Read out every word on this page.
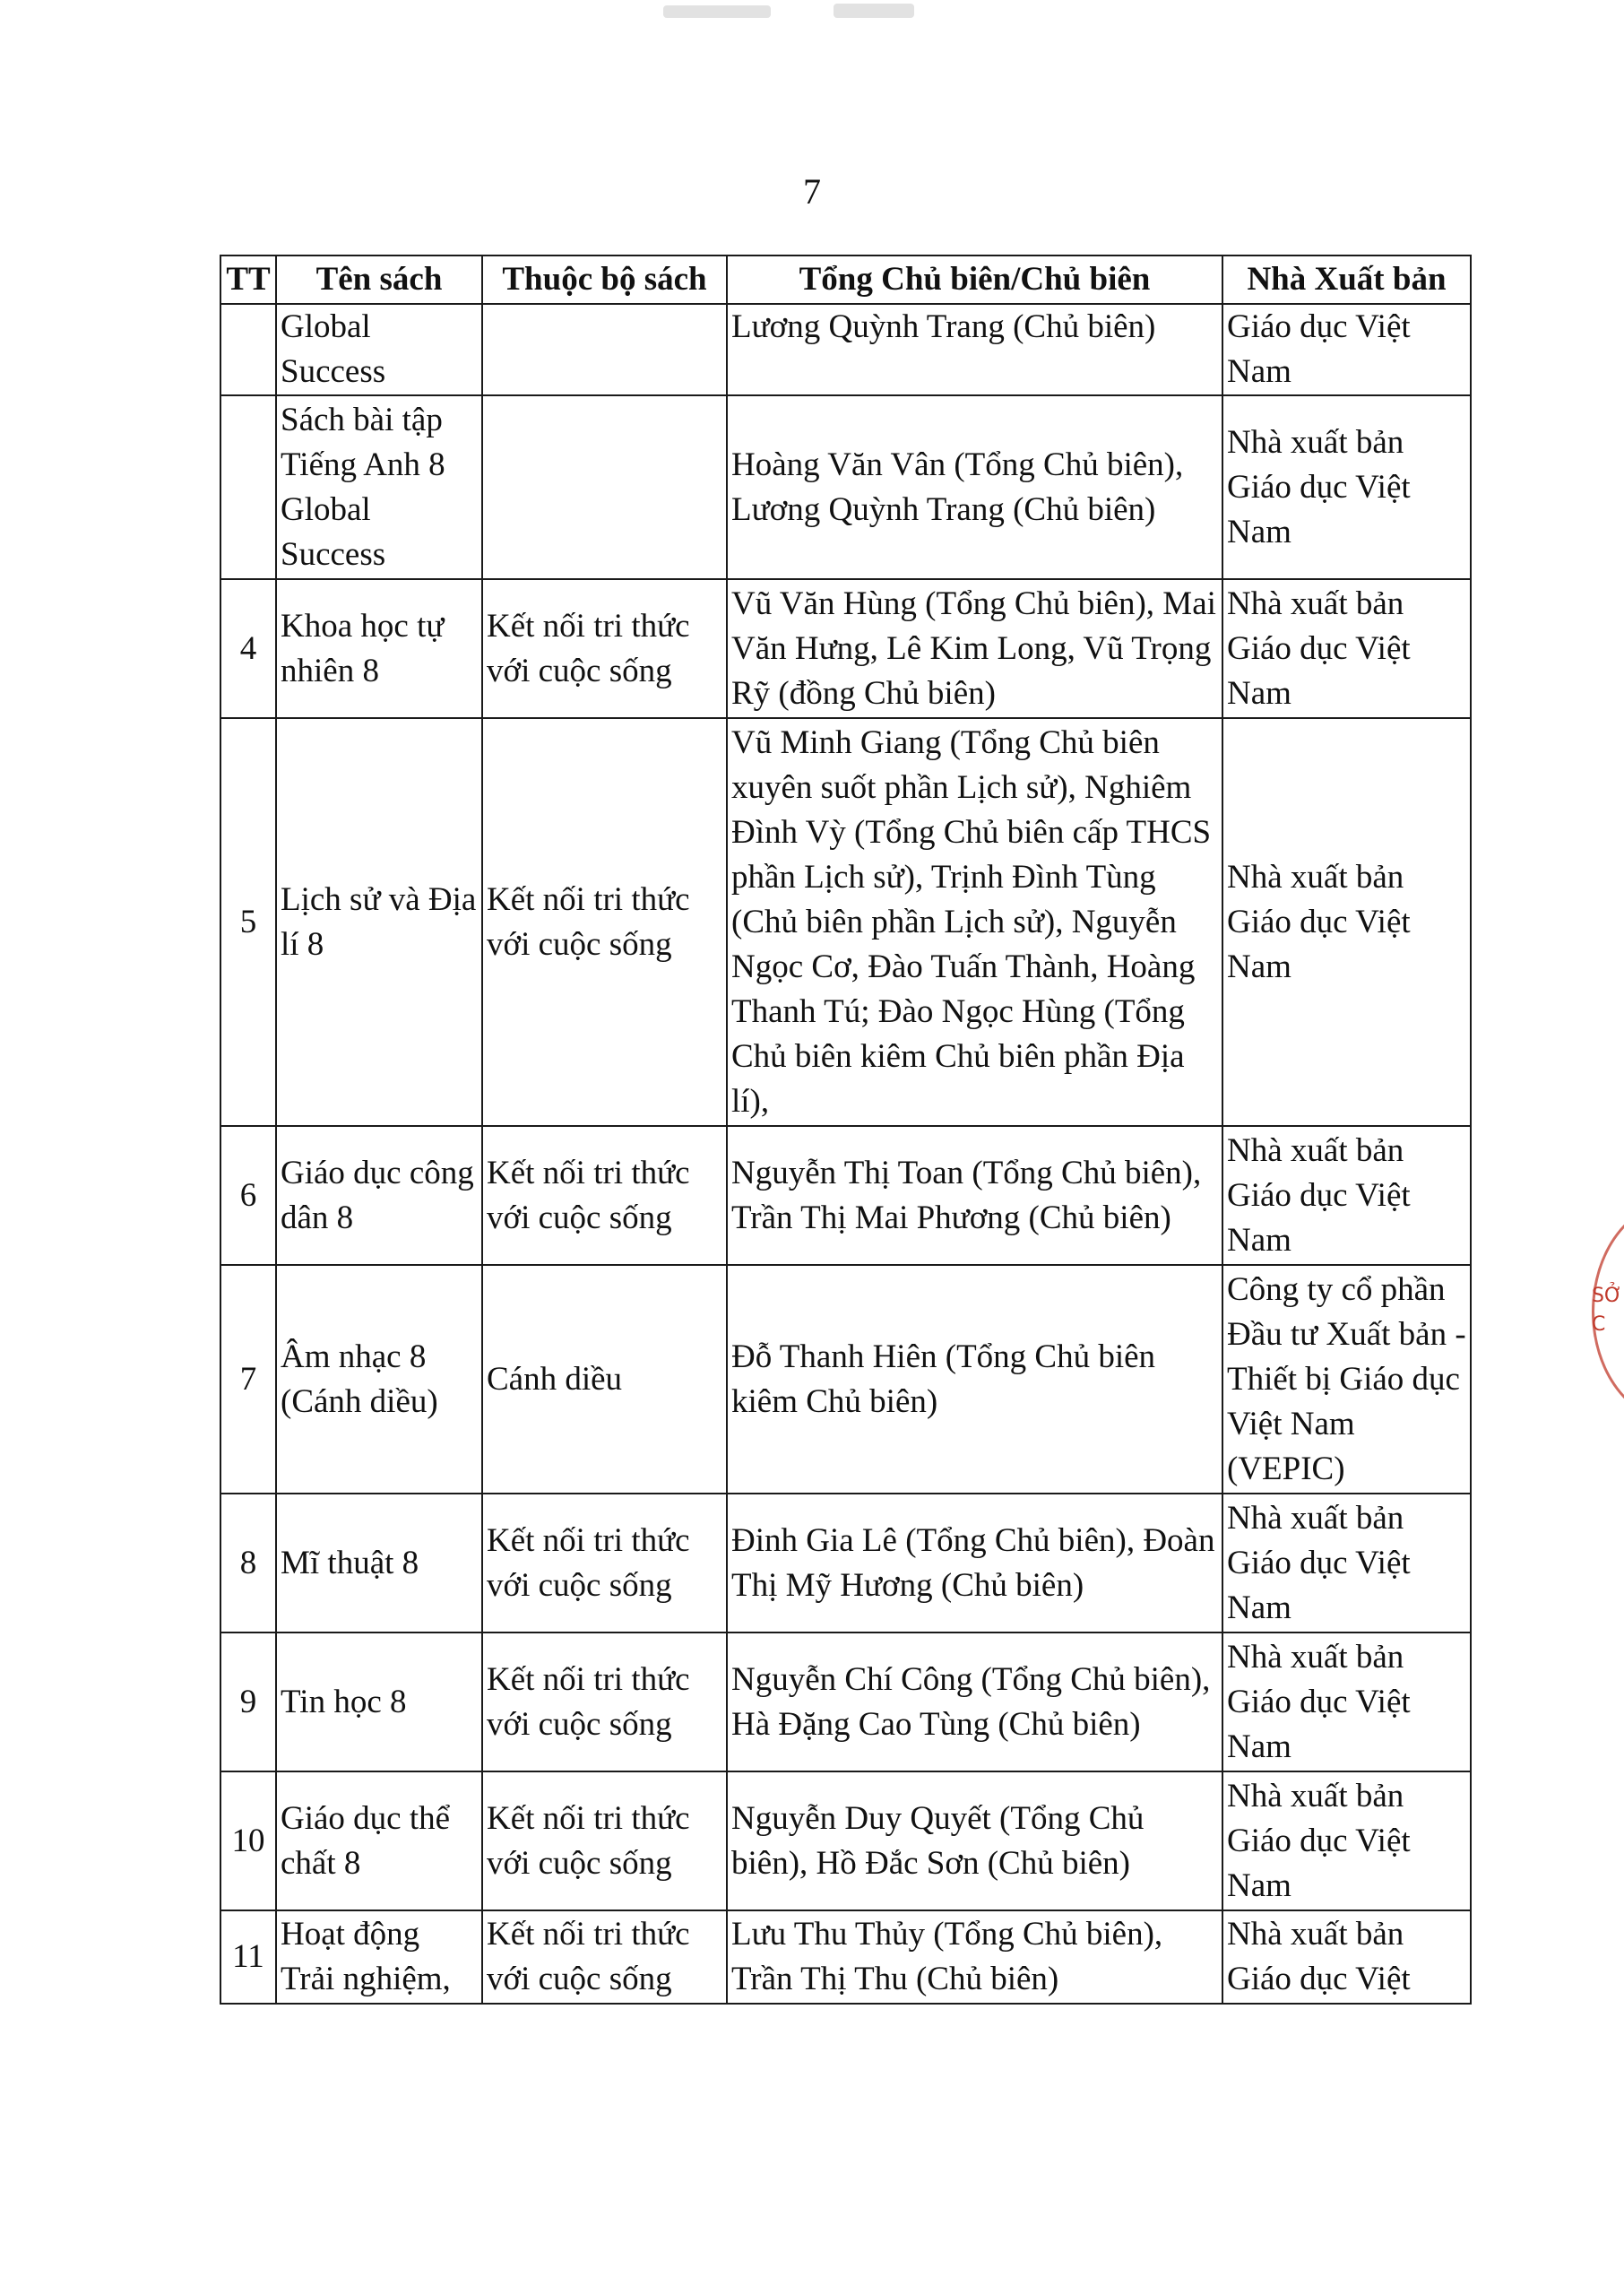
7
TT	Tên sách	Thuộc bộ sách	Tổng Chủ biên/Chủ biên	Nhà Xuất bản
	Global Success		Lương Quỳnh Trang (Chủ biên)	Giáo dục Việt Nam
	Sách bài tập Tiếng Anh 8 Global Success		Hoàng Văn Vân (Tổng Chủ biên), Lương Quỳnh Trang (Chủ biên)	Nhà xuất bản Giáo dục Việt Nam
4	Khoa học tự nhiên 8	Kết nối tri thức với cuộc sống	Vũ Văn Hùng (Tổng Chủ biên), Mai Văn Hưng, Lê Kim Long, Vũ Trọng Rỹ (đồng Chủ biên)	Nhà xuất bản Giáo dục Việt Nam
5	Lịch sử và Địa lí 8	Kết nối tri thức với cuộc sống	Vũ Minh Giang (Tổng Chủ biên xuyên suốt phần Lịch sử), Nghiêm Đình Vỳ (Tổng Chủ biên cấp THCS phần Lịch sử), Trịnh Đình Tùng (Chủ biên phần Lịch sử), Nguyễn Ngọc Cơ, Đào Tuấn Thành, Hoàng Thanh Tú; Đào Ngọc Hùng (Tổng Chủ biên kiêm Chủ biên phần Địa lí),	Nhà xuất bản Giáo dục Việt Nam
6	Giáo dục công dân 8	Kết nối tri thức với cuộc sống	Nguyễn Thị Toan (Tổng Chủ biên), Trần Thị Mai Phương (Chủ biên)	Nhà xuất bản Giáo dục Việt Nam
7	Âm nhạc 8 (Cánh diều)	Cánh diều	Đỗ Thanh Hiên (Tổng Chủ biên kiêm Chủ biên)	Công ty cổ phần Đầu tư Xuất bản - Thiết bị Giáo dục Việt Nam (VEPIC)
8	Mĩ thuật 8	Kết nối tri thức với cuộc sống	Đinh Gia Lê (Tổng Chủ biên), Đoàn Thị Mỹ Hương (Chủ biên)	Nhà xuất bản Giáo dục Việt Nam
9	Tin học 8	Kết nối tri thức với cuộc sống	Nguyễn Chí Công (Tổng Chủ biên), Hà Đặng Cao Tùng (Chủ biên)	Nhà xuất bản Giáo dục Việt Nam
10	Giáo dục thể chất 8	Kết nối tri thức với cuộc sống	Nguyễn Duy Quyết (Tổng Chủ biên), Hồ Đắc Sơn (Chủ biên)	Nhà xuất bản Giáo dục Việt Nam
11	Hoạt động Trải nghiệm,	Kết nối tri thức với cuộc sống	Lưu Thu Thủy (Tổng Chủ biên), Trần Thị Thu (Chủ biên)	Nhà xuất bản Giáo dục Việt
SỞ C
